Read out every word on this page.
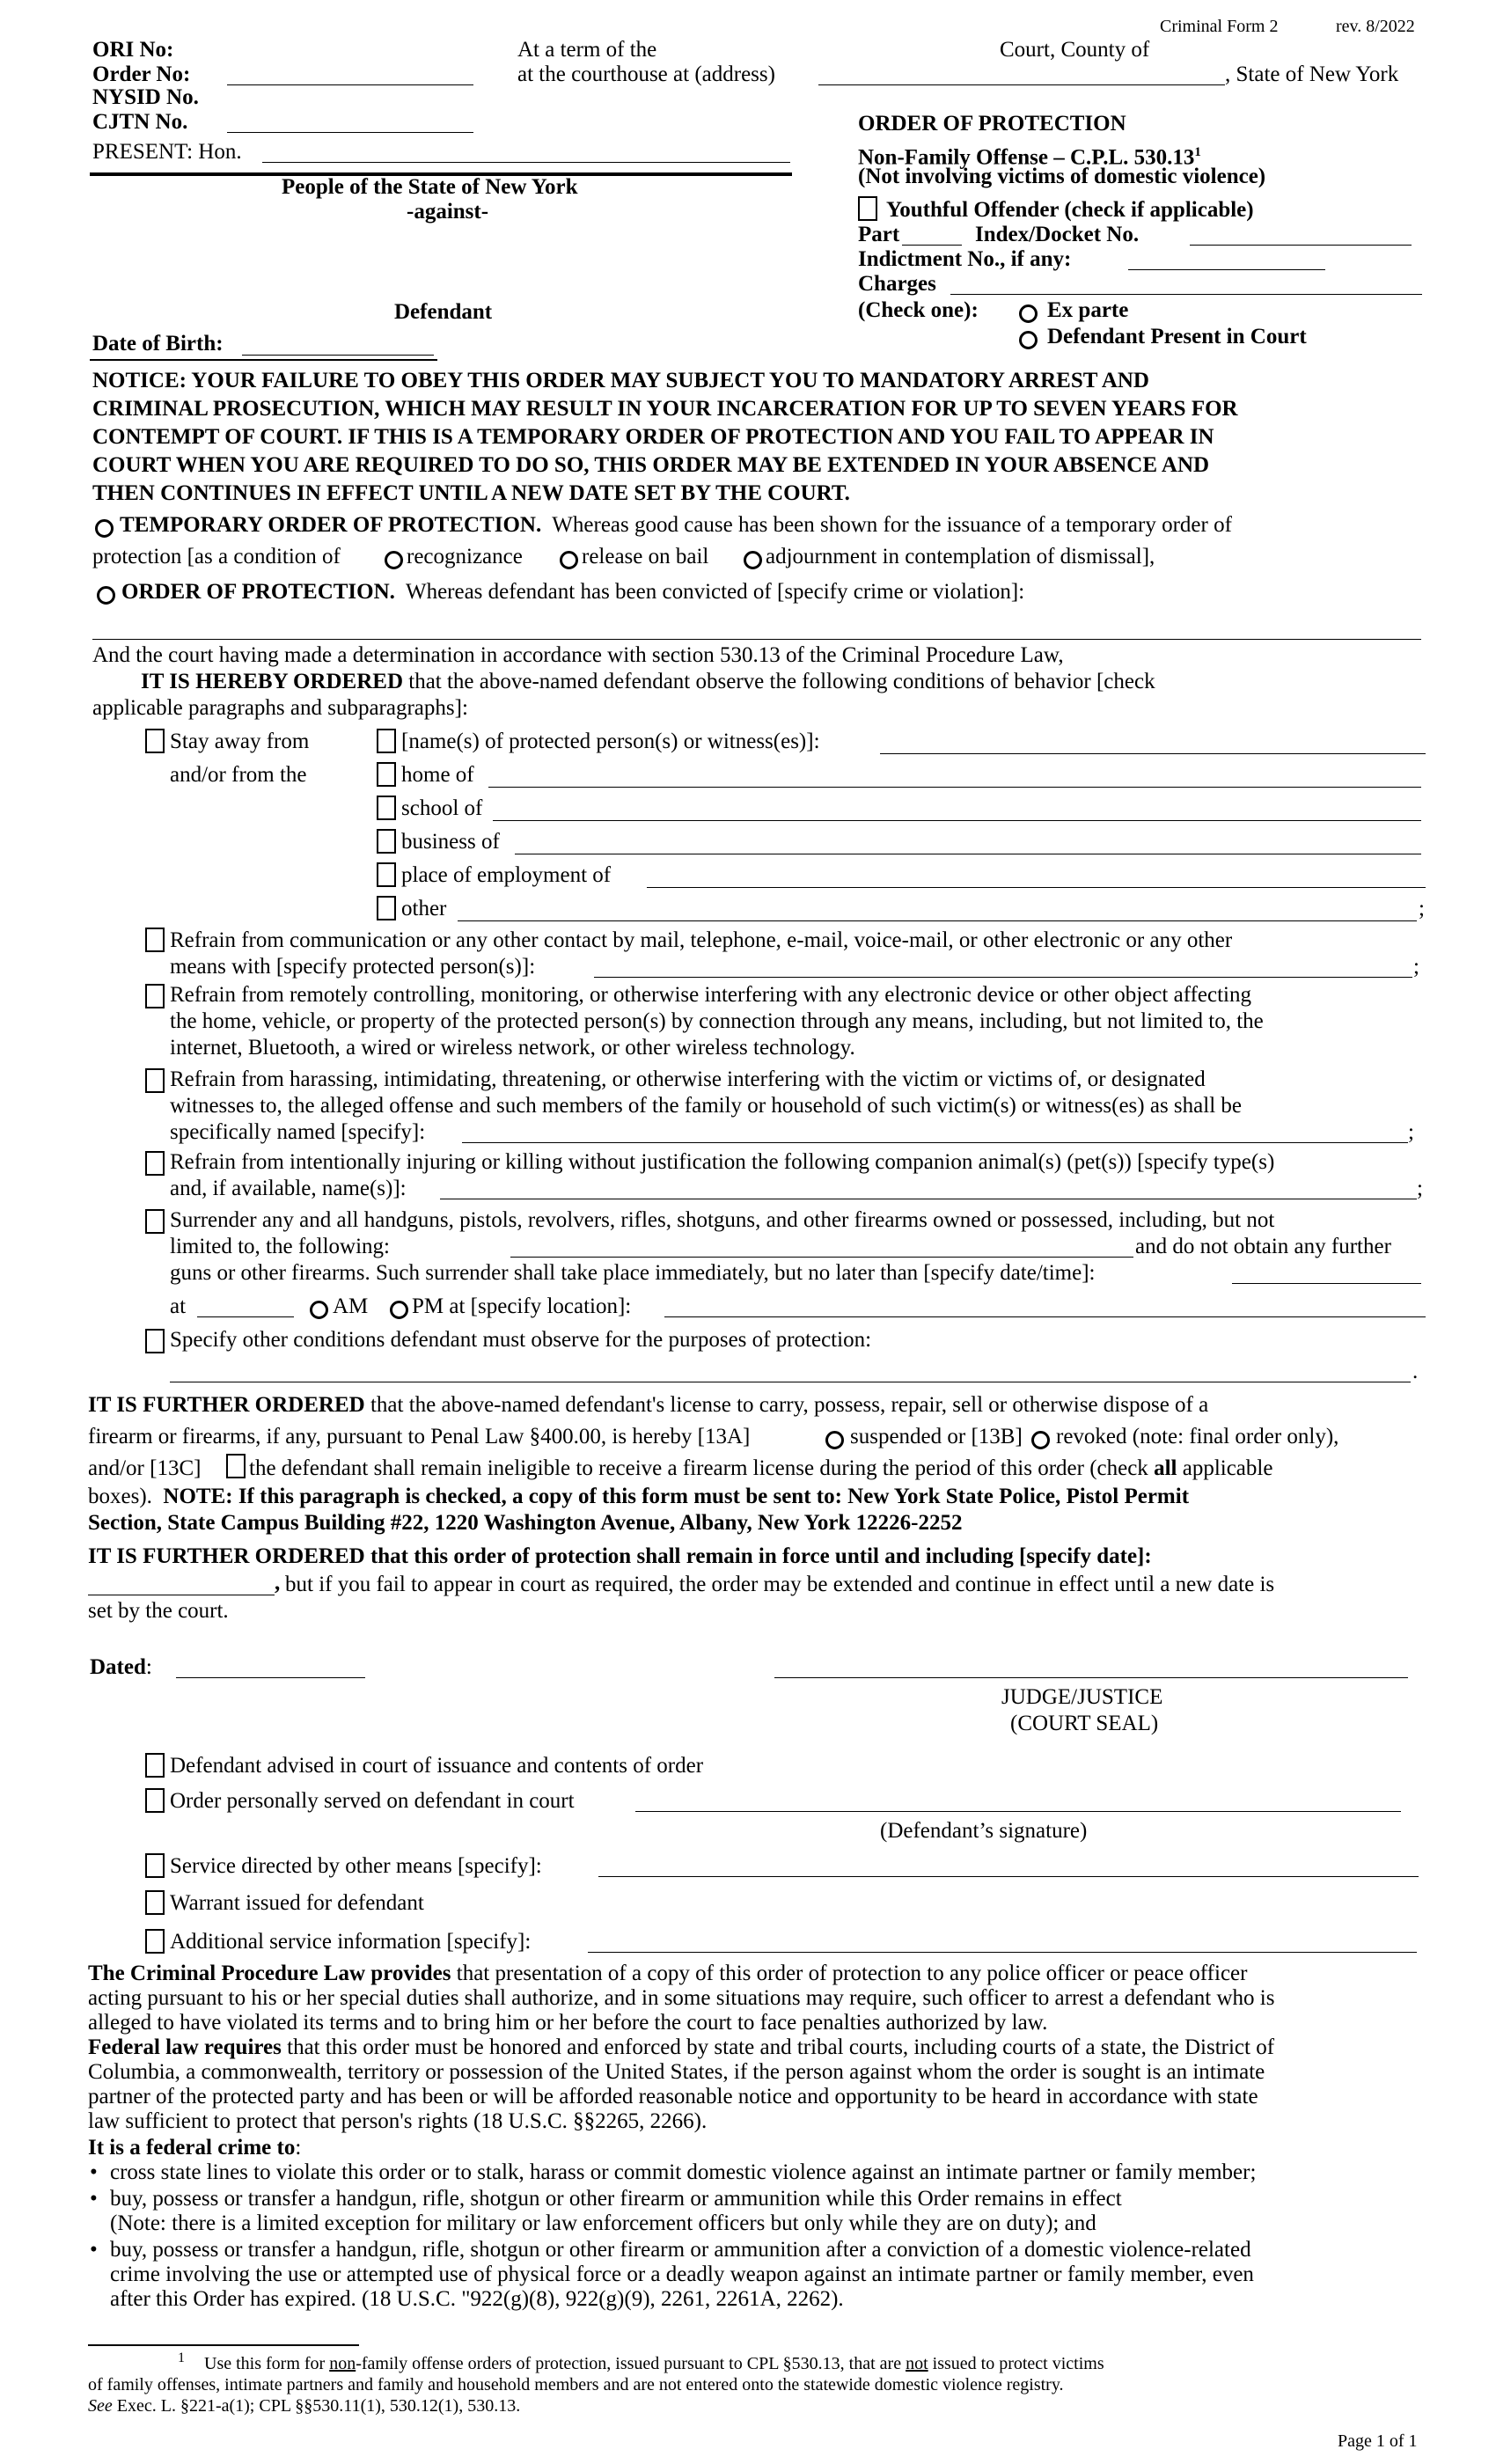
Criminal Form 2	rev. 8/2022
ORI No:
Order No:
NYSID No.
CJTN No.
PRESENT: Hon.
At a term of the	Court, County of
at the courthouse at (address)	, State of New York
People of the State of New York
-against-
Defendant
Date of Birth:
ORDER OF PROTECTION
Non-Family Offense – C.P.L. 530.13$^1$
(Not involving victims of domestic violence)
Youthful Offender (check if applicable)
Part	Index/Docket No.
Indictment No., if any:
Charges
(Check one):	Ex parte
Defendant Present in Court
NOTICE: YOUR FAILURE TO OBEY THIS ORDER MAY SUBJECT YOU TO MANDATORY ARREST AND
CRIMINAL PROSECUTION, WHICH MAY RESULT IN YOUR INCARCERATION FOR UP TO SEVEN YEARS FOR
CONTEMPT OF COURT. IF THIS IS A TEMPORARY ORDER OF PROTECTION AND YOU FAIL TO APPEAR IN
COURT WHEN YOU ARE REQUIRED TO DO SO, THIS ORDER MAY BE EXTENDED IN YOUR ABSENCE AND
THEN CONTINUES IN EFFECT UNTIL A NEW DATE SET BY THE COURT.
TEMPORARY ORDER OF PROTECTION. Whereas good cause has been shown for the issuance of a temporary order of
protection [as a condition of	recognizance	release on bail	adjournment in contemplation of dismissal],
ORDER OF PROTECTION. Whereas defendant has been convicted of [specify crime or violation]:
And the court having made a determination in accordance with section 530.13 of the Criminal Procedure Law,
IT IS HEREBY ORDERED that the above-named defendant observe the following conditions of behavior [check
applicable paragraphs and subparagraphs]:
Stay away from
and/or from the
[name(s) of protected person(s) or witness(es)]:
home of
school of
business of
place of employment of
other	;
Refrain from communication or any other contact by mail, telephone, e-mail, voice-mail, or other electronic or any other
means with [specify protected person(s)]:	;
Refrain from remotely controlling, monitoring, or otherwise interfering with any electronic device or other object affecting
the home, vehicle, or property of the protected person(s) by connection through any means, including, but not limited to, the
internet, Bluetooth, a wired or wireless network, or other wireless technology.
Refrain from harassing, intimidating, threatening, or otherwise interfering with the victim or victims of, or designated
witnesses to, the alleged offense and such members of the family or household of such victim(s) or witness(es) as shall be
specifically named [specify]:	;
Refrain from intentionally injuring or killing without justification the following companion animal(s) (pet(s)) [specify type(s)
and, if available, name(s)]:	;
Surrender any and all handguns, pistols, revolvers, rifles, shotguns, and other firearms owned or possessed, including, but not
limited to, the following:	and do not obtain any further
guns or other firearms. Such surrender shall take place immediately, but no later than [specify date/time]:
at	AM PM at [specify location]:
Specify other conditions defendant must observe for the purposes of protection:
.
IT IS FURTHER ORDERED that the above-named defendant's license to carry, possess, repair, sell or otherwise dispose of a
firearm or firearms, if any, pursuant to Penal Law §400.00, is hereby [13A]	suspended or [13B] revoked (note: final order only),
and/or [13C] the defendant shall remain ineligible to receive a firearm license during the period of this order (check all applicable
boxes). NOTE: If this paragraph is checked, a copy of this form must be sent to: New York State Police, Pistol Permit
Section, State Campus Building #22, 1220 Washington Avenue, Albany, New York 12226-2252
IT IS FURTHER ORDERED that this order of protection shall remain in force until and including [specify date]:
, but if you fail to appear in court as required, the order may be extended and continue in effect until a new date is
set by the court.
Dated:
JUDGE/JUSTICE
(COURT SEAL)
Defendant advised in court of issuance and contents of order
Order personally served on defendant in court
(Defendant’s signature)
Service directed by other means [specify]:
Warrant issued for defendant
Additional service information [specify]:
The Criminal Procedure Law provides that presentation of a copy of this order of protection to any police officer or peace officer
acting pursuant to his or her special duties shall authorize, and in some situations may require, such officer to arrest a defendant who is
alleged to have violated its terms and to bring him or her before the court to face penalties authorized by law.
Federal law requires that this order must be honored and enforced by state and tribal courts, including courts of a state, the District of
Columbia, a commonwealth, territory or possession of the United States, if the person against whom the order is sought is an intimate
partner of the protected party and has been or will be afforded reasonable notice and opportunity to be heard in accordance with state
law sufficient to protect that person's rights (18 U.S.C. §§2265, 2266).
It is a federal crime to:
• cross state lines to violate this order or to stalk, harass or commit domestic violence against an intimate partner or family member;
• buy, possess or transfer a handgun, rifle, shotgun or other firearm or ammunition while this Order remains in effect
(Note: there is a limited exception for military or law enforcement officers but only while they are on duty); and
• buy, possess or transfer a handgun, rifle, shotgun or other firearm or ammunition after a conviction of a domestic violence-related
crime involving the use or attempted use of physical force or a deadly weapon against an intimate partner or family member, even
after this Order has expired. (18 U.S.C. "922(g)(8), 922(g)(9), 2261, 2261A, 2262).
1 Use this form for non-family offense orders of protection, issued pursuant to CPL §530.13, that are not issued to protect victims
of family offenses, intimate partners and family and household members and are not entered onto the statewide domestic violence registry.
See Exec. L. §221-a(1); CPL §§530.11(1), 530.12(1), 530.13.
Page 1 of 1
